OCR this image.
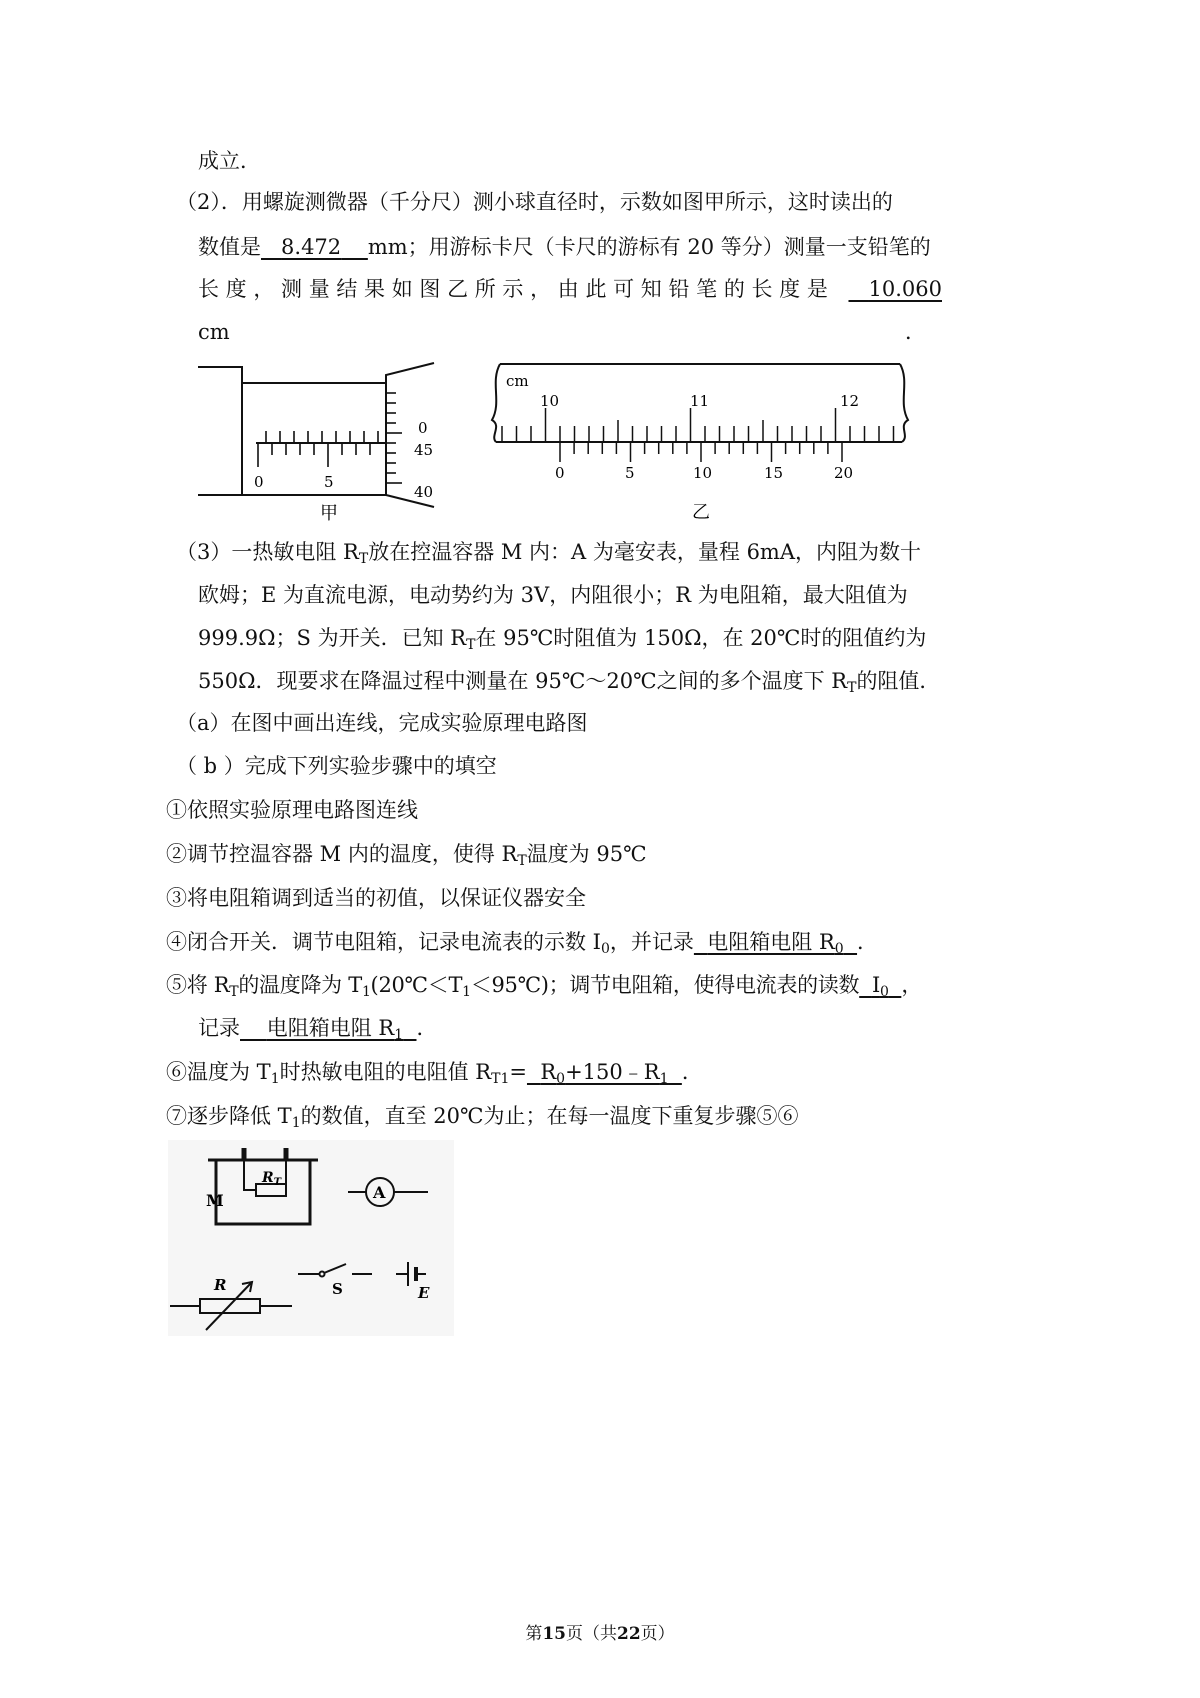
成立．
（2）．用螺旋测微器（千分尺）测小球直径时，示数如图甲所示，这时读出的
数值是 8.472 mm；用游标卡尺（卡尺的游标有 20 等分）测量一支铅笔的
长 度 ， 测 量 结 果 如 图 乙 所 示 ， 由 此 可 知 铅 笔 的 长 度 是	10.060
cm	．
0	5
0
45
40
甲
cm
10	11	12
0	5	10	15	20
乙
（3）一热敏电阻 $R_T$放在控温容器 M 内：A 为毫安表，量程 6mA，内阻为数十
欧姆；E 为直流电源，电动势约为 3V，内阻很小；R 为电阻箱，最大阻值为
999.9Ω；S 为开关．已知 $R_T$在 95℃时阻值为 150Ω，在 20℃时的阻值约为
550Ω．现要求在降温过程中测量在 95℃～20℃之间的多个温度下 $R_T$的阻值．
（a）在图中画出连线，完成实验原理电路图
（ b ）完成下列实验步骤中的填空
①依照实验原理电路图连线
②调节控温容器 M 内的温度，使得 $R_T$温度为 95℃
③将电阻箱调到适当的初值，以保证仪器安全
④闭合开关．调节电阻箱，记录电流表的示数 $I_0$，并记录 电阻箱电阻 $R_0$ ．
⑤将 $R_T$的温度降为 $T_1(20℃<T_1<95℃)$；调节电阻箱，使得电流表的读数 $I_0$ ，
记录 电阻箱电阻 $R_1$ ．
⑥温度为 $T_1$时热敏电阻的电阻值 $R_{T1}=$ $R_0+150﹣R_1$ ．
⑦逐步降低 $T_1$的数值，直至 20℃为止；在每一温度下重复步骤⑤⑥
M
$R_T$
A
S	E
R
第15页（共22页）
